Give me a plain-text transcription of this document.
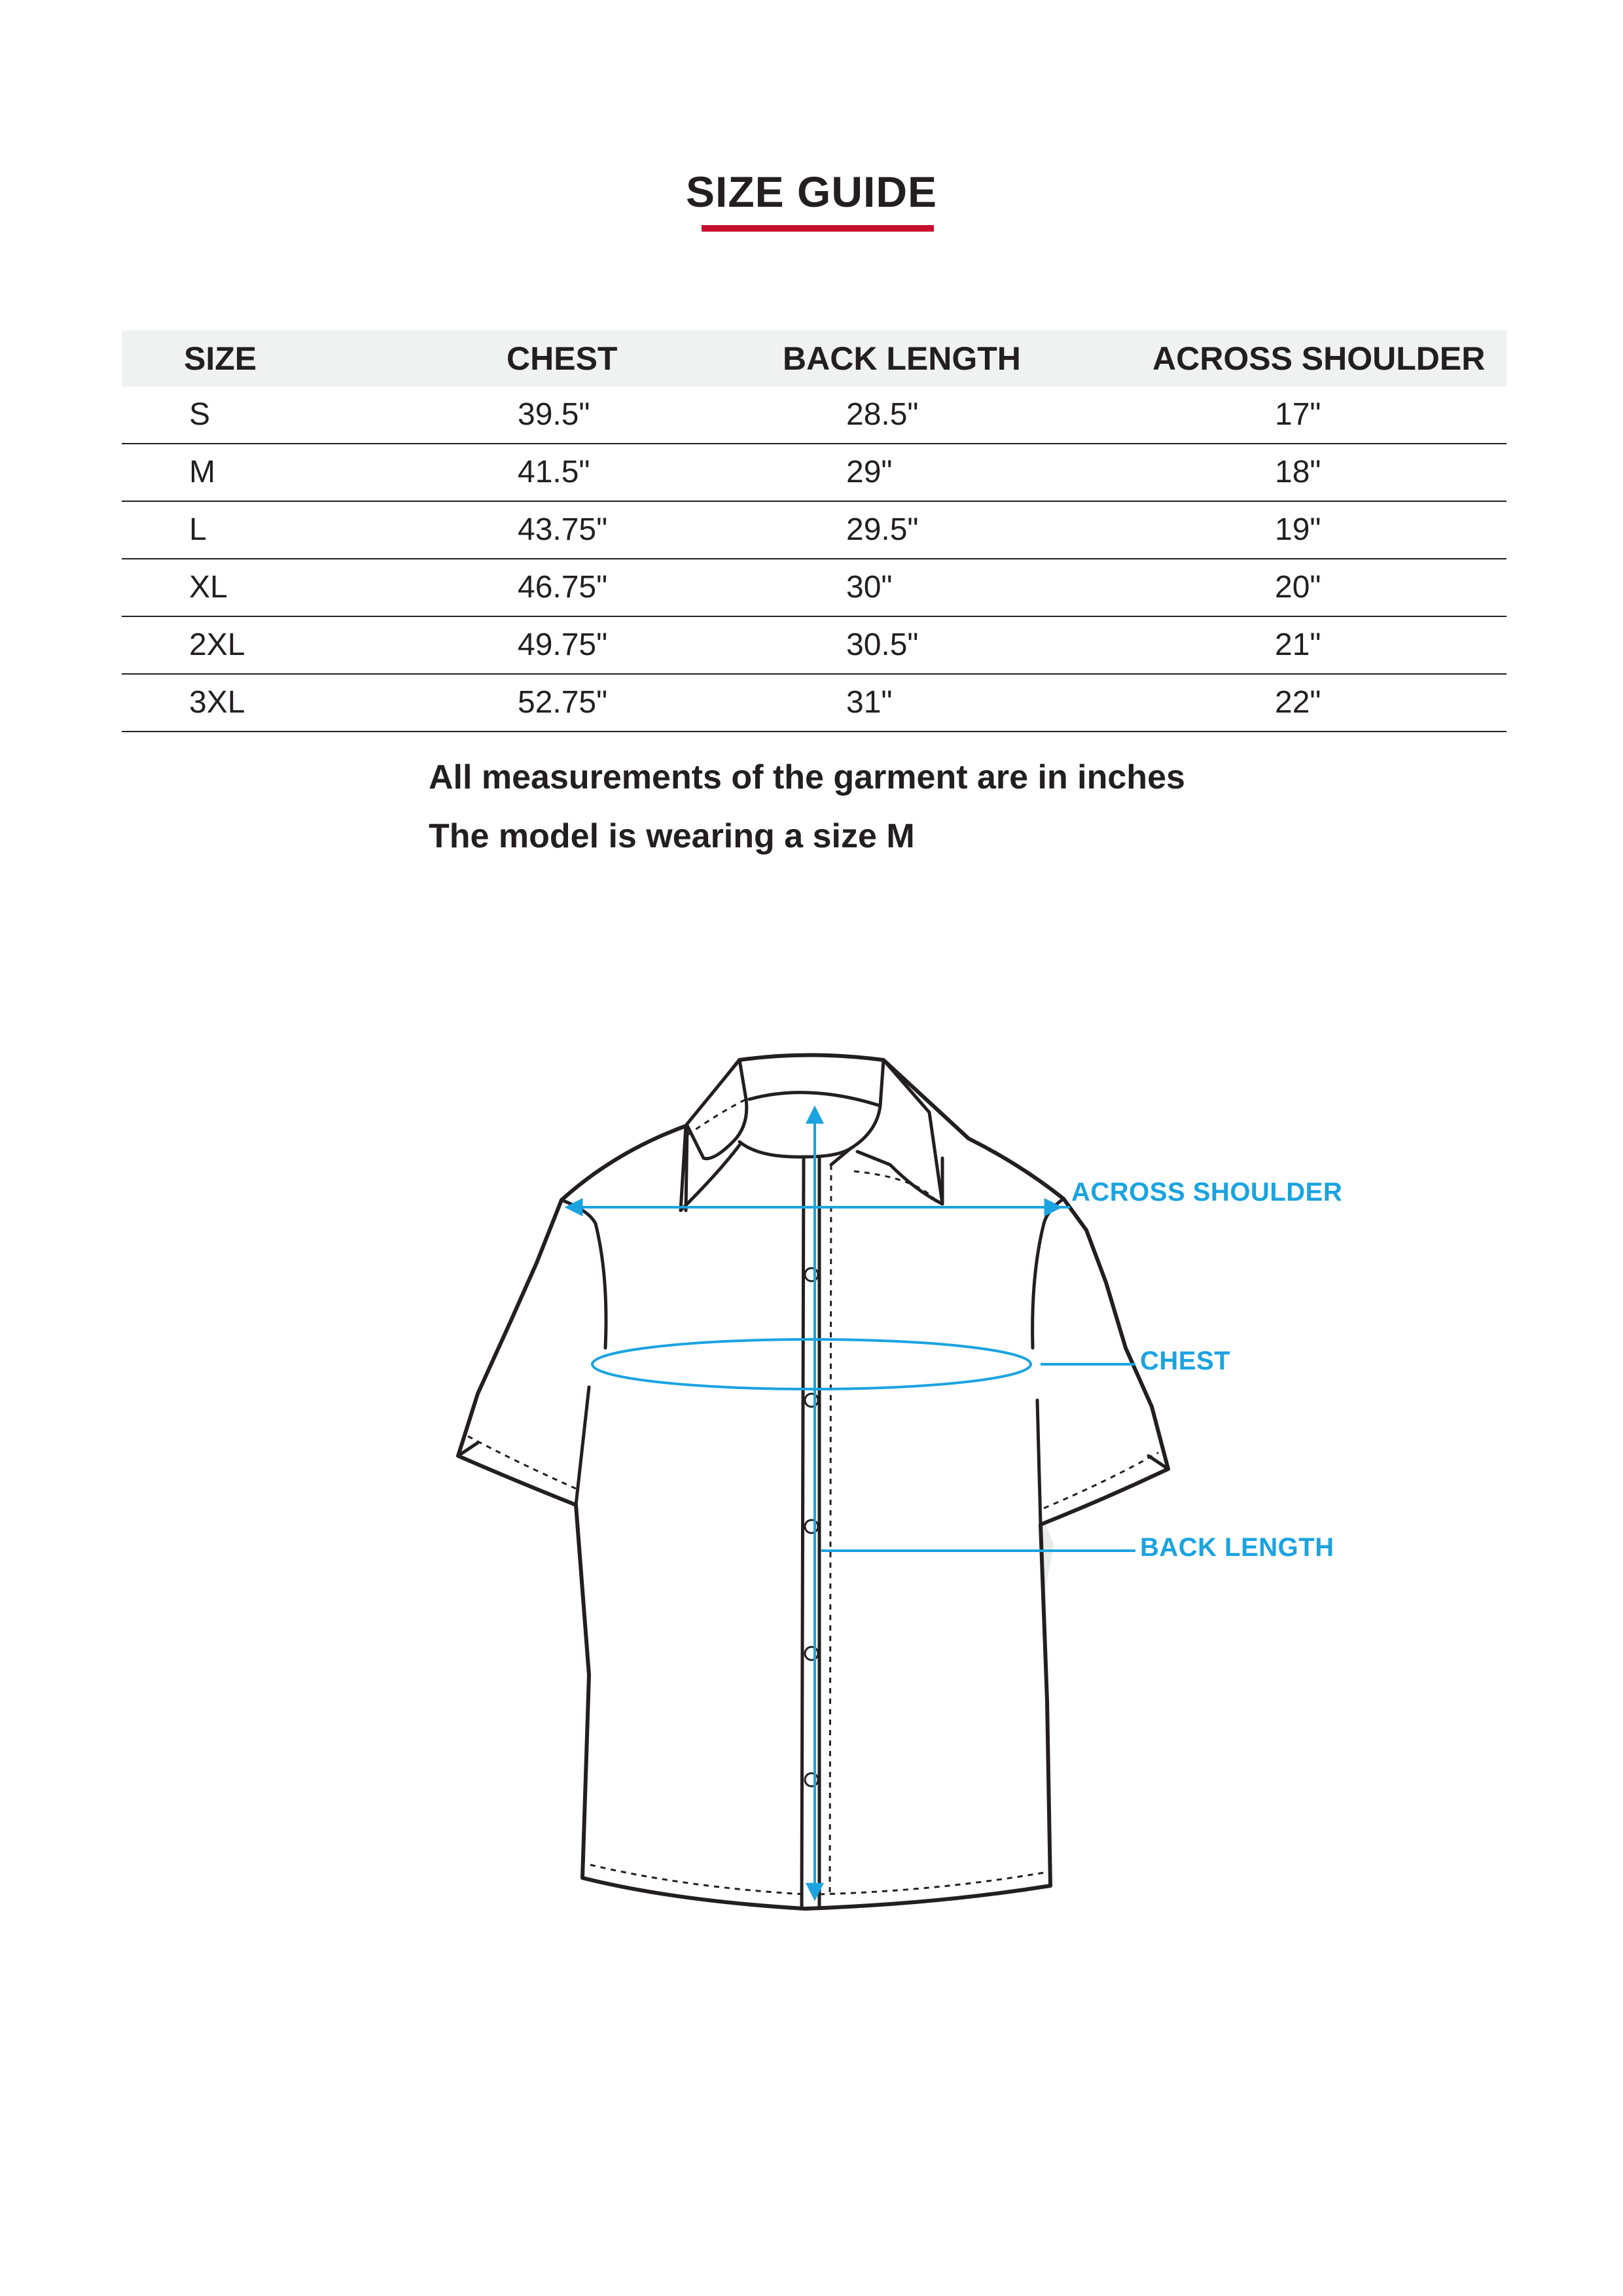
SIZE GUIDE
SIZE	CHEST	BACK LENGTH	ACROSS SHOULDER
S	39.5"	28.5"	17"
M	41.5"	29"	18"
L	43.75"	29.5"	19"
XL	46.75"	30"	20"
2XL	49.75"	30.5"	21"
3XL	52.75"	31"	22"
All measurements of the garment are in inches
The model is wearing a size M
ACROSS SHOULDER
CHEST
BACK LENGTH
